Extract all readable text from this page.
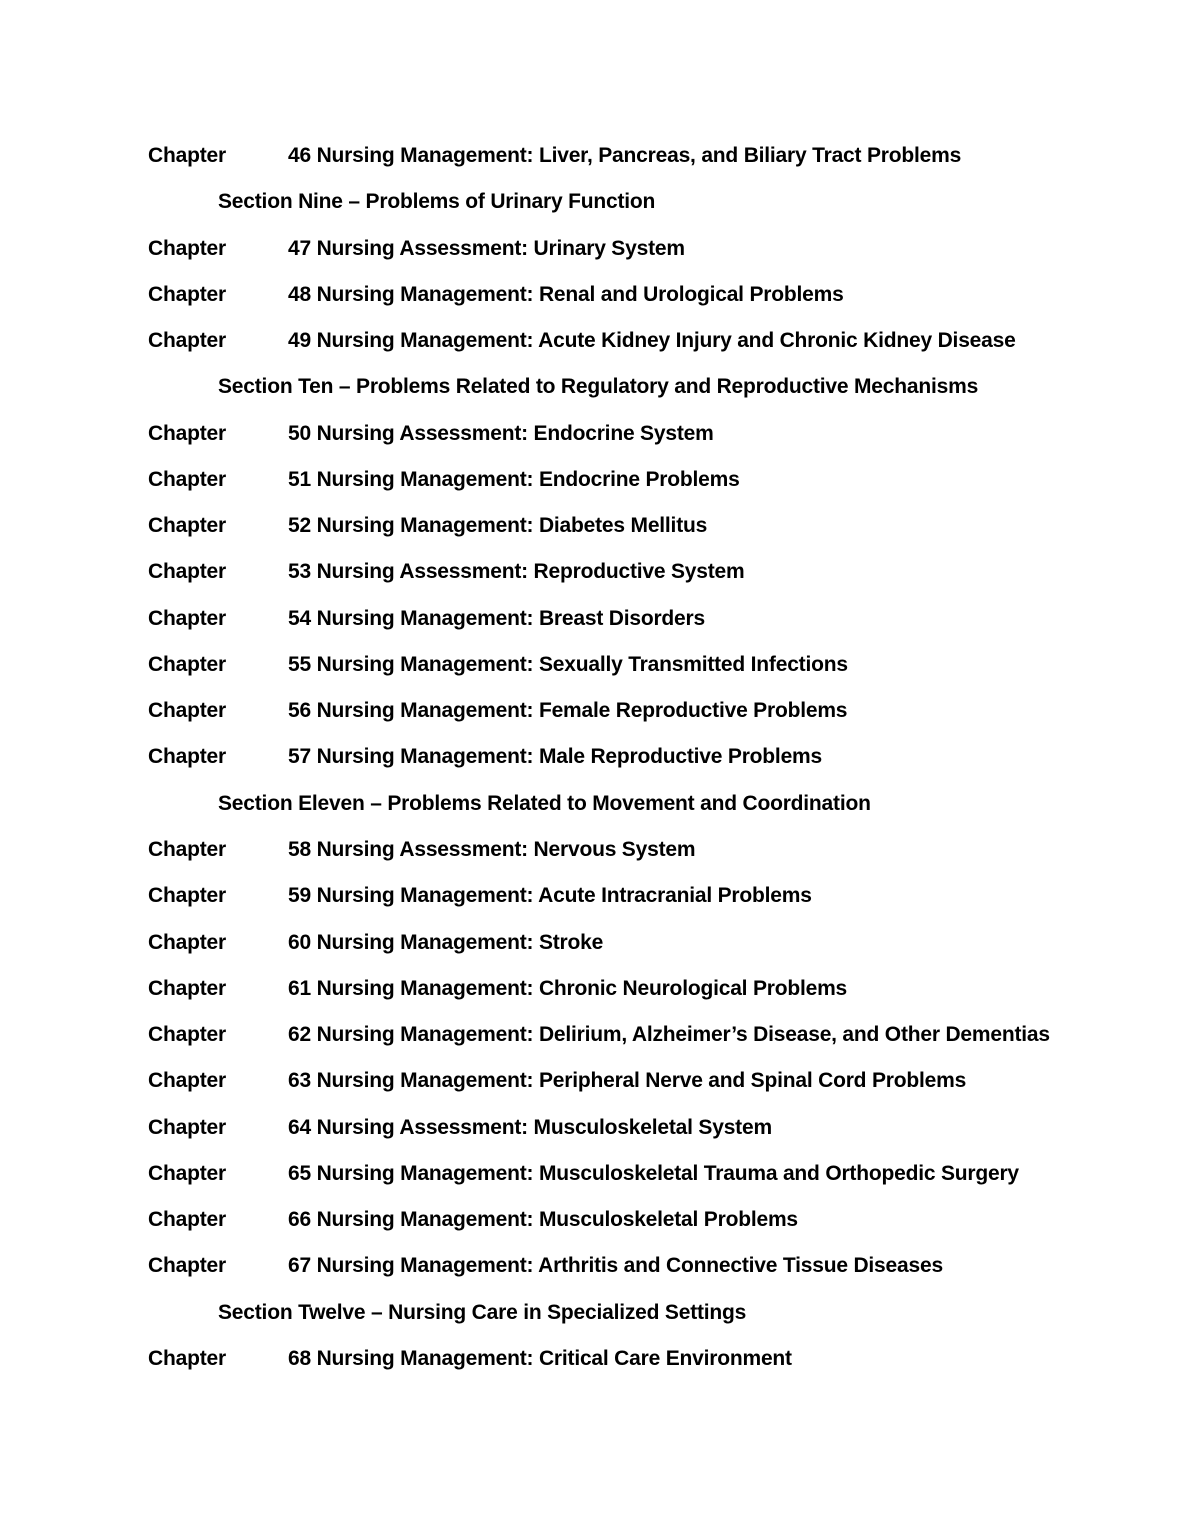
Chapter	46 Nursing Management: Liver, Pancreas, and Biliary Tract Problems
Section Nine – Problems of Urinary Function
Chapter	47 Nursing Assessment: Urinary System
Chapter	48 Nursing Management: Renal and Urological Problems
Chapter	49 Nursing Management: Acute Kidney Injury and Chronic Kidney Disease
Section Ten – Problems Related to Regulatory and Reproductive Mechanisms
Chapter	50 Nursing Assessment: Endocrine System
Chapter	51 Nursing Management: Endocrine Problems
Chapter	52 Nursing Management: Diabetes Mellitus
Chapter	53 Nursing Assessment: Reproductive System
Chapter	54 Nursing Management: Breast Disorders
Chapter	55 Nursing Management: Sexually Transmitted Infections
Chapter	56 Nursing Management: Female Reproductive Problems
Chapter	57 Nursing Management: Male Reproductive Problems
Section Eleven – Problems Related to Movement and Coordination
Chapter	58 Nursing Assessment: Nervous System
Chapter	59 Nursing Management: Acute Intracranial Problems
Chapter	60 Nursing Management: Stroke
Chapter	61 Nursing Management: Chronic Neurological Problems
Chapter	62 Nursing Management: Delirium, Alzheimer’s Disease, and Other Dementias
Chapter	63 Nursing Management: Peripheral Nerve and Spinal Cord Problems
Chapter	64 Nursing Assessment: Musculoskeletal System
Chapter	65 Nursing Management: Musculoskeletal Trauma and Orthopedic Surgery
Chapter	66 Nursing Management: Musculoskeletal Problems
Chapter	67 Nursing Management: Arthritis and Connective Tissue Diseases
Section Twelve – Nursing Care in Specialized Settings
Chapter	68 Nursing Management: Critical Care Environment
